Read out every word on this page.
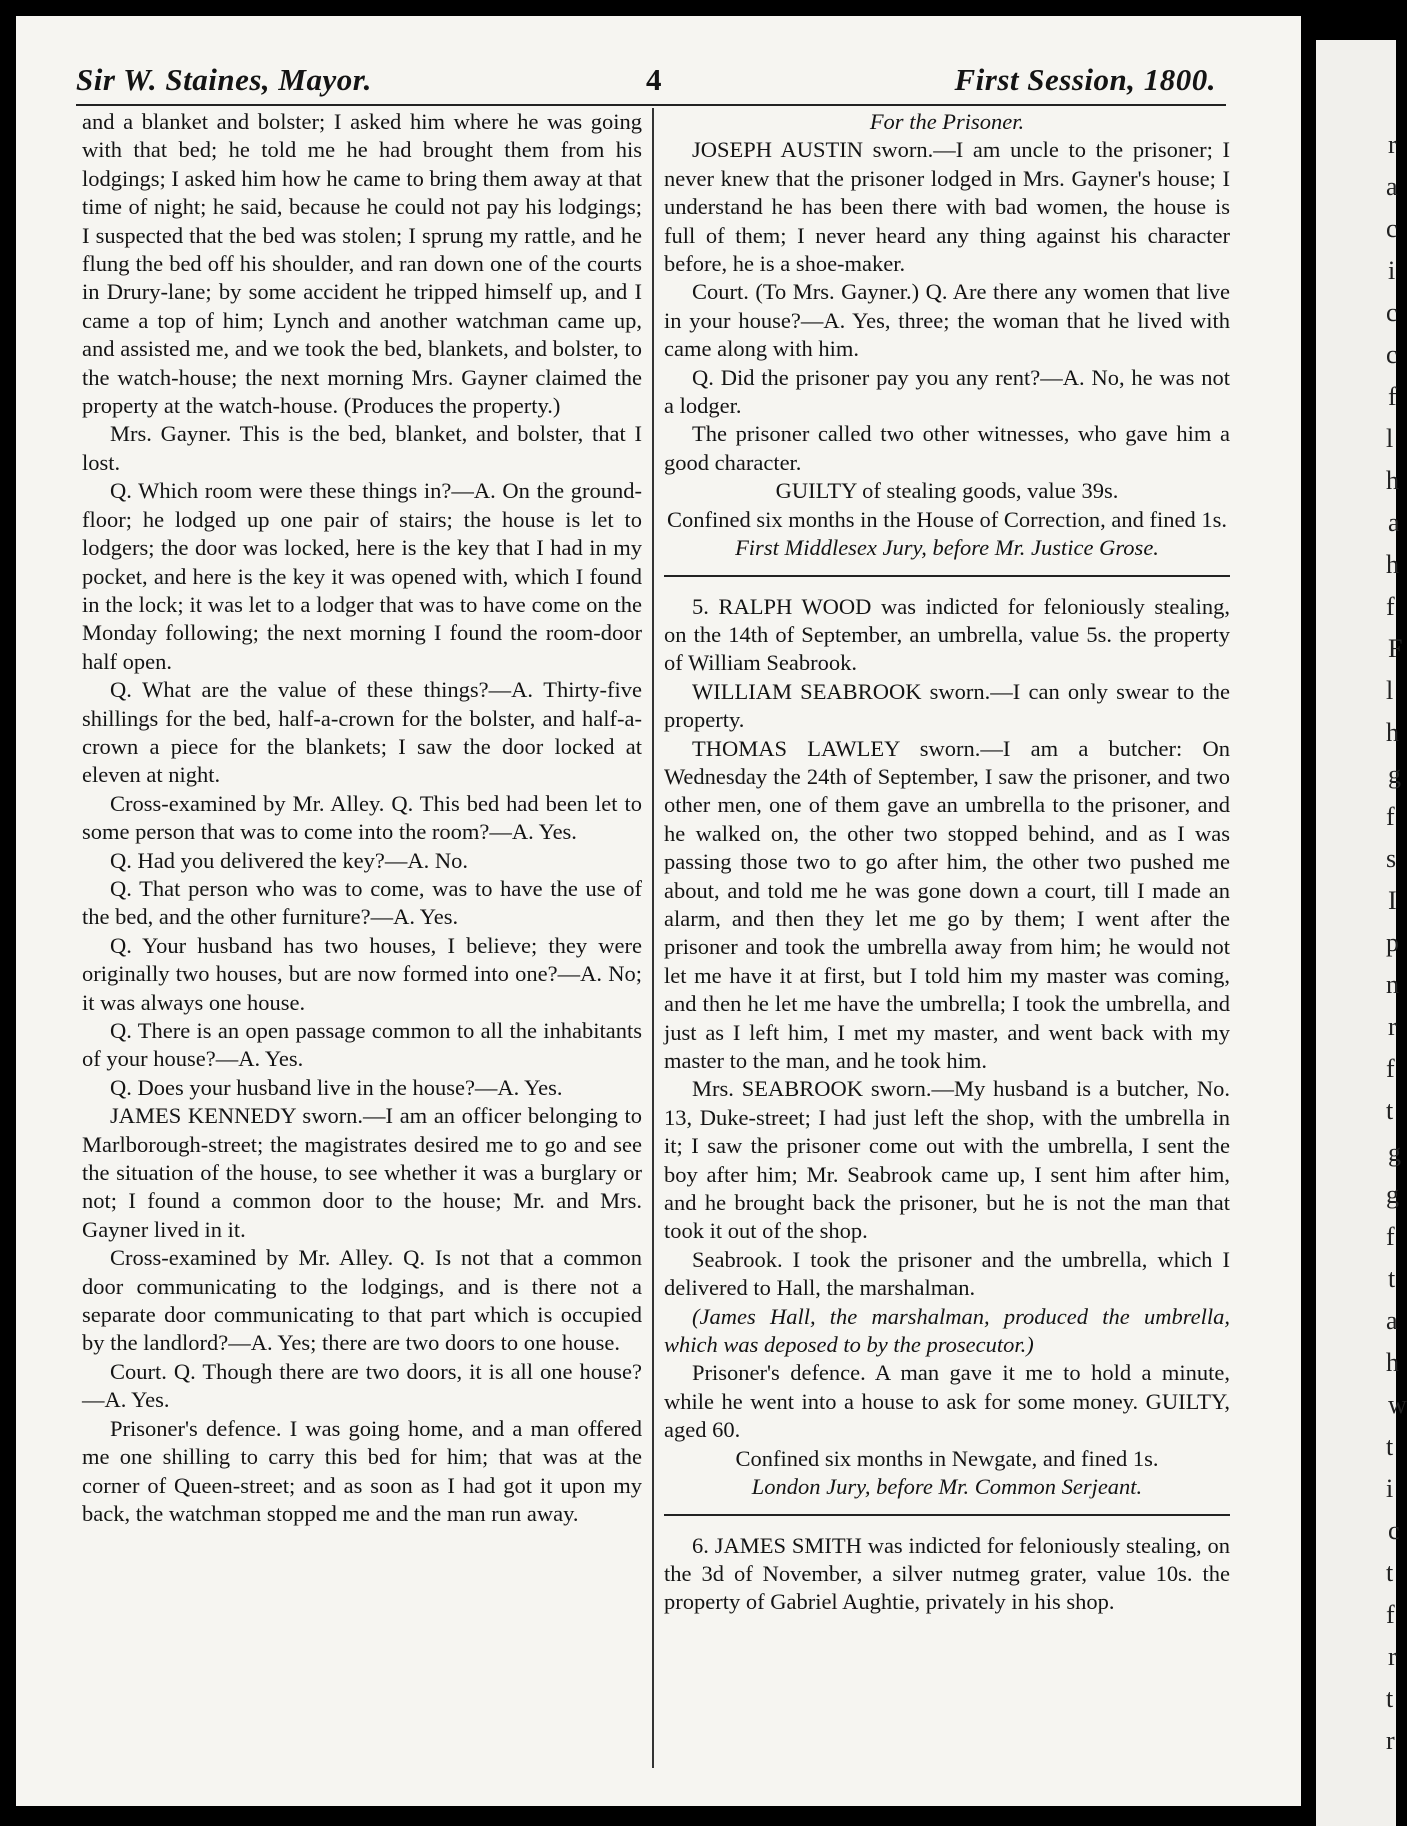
r
a
c
i
c
c
f
l
h
a
h
f
F
l
h
g
f
s
I
p
n
r
f
t
g
g
f
t
a
h
w
t
i
c
t
f
r
t
r
Sir W. Staines, Mayor.	4	First Session, 1800.

and a blanket and bolster; I asked him where he was going with that bed; he told me he had brought them from his lodgings; I asked him how he came to bring them away at that time of night; he said, because he could not pay his lodgings; I suspected that the bed was stolen; I sprung my rattle, and he flung the bed off his shoulder, and ran down one of the courts in Drury-lane; by some accident he tripped himself up, and I came a top of him; Lynch and another watchman came up, and assisted me, and we took the bed, blankets, and bolster, to the watch-house; the next morning Mrs. Gayner claimed the property at the watch-house. (Produces the property.)

Mrs. Gayner. This is the bed, blanket, and bolster, that I lost.

Q. Which room were these things in?—A. On the ground-floor; he lodged up one pair of stairs; the house is let to lodgers; the door was locked, here is the key that I had in my pocket, and here is the key it was opened with, which I found in the lock; it was let to a lodger that was to have come on the Monday following; the next morning I found the room-door half open.

Q. What are the value of these things?—A. Thirty-five shillings for the bed, half-a-crown for the bolster, and half-a-crown a piece for the blankets; I saw the door locked at eleven at night.

Cross-examined by Mr. Alley. Q. This bed had been let to some person that was to come into the room?—A. Yes.

Q. Had you delivered the key?—A. No.

Q. That person who was to come, was to have the use of the bed, and the other furniture?—A. Yes.

Q. Your husband has two houses, I believe; they were originally two houses, but are now formed into one?—A. No; it was always one house.

Q. There is an open passage common to all the inhabitants of your house?—A. Yes.

Q. Does your husband live in the house?—A. Yes.

JAMES KENNEDY sworn.—I am an officer belonging to Marlborough-street; the magistrates desired me to go and see the situation of the house, to see whether it was a burglary or not; I found a common door to the house; Mr. and Mrs. Gayner lived in it.

Cross-examined by Mr. Alley. Q. Is not that a common door communicating to the lodgings, and is there not a separate door communicating to that part which is occupied by the landlord?—A. Yes; there are two doors to one house.

Court. Q. Though there are two doors, it is all one house?—A. Yes.

Prisoner's defence. I was going home, and a man offered me one shilling to carry this bed for him; that was at the corner of Queen-street; and as soon as I had got it upon my back, the watchman stopped me and the man run away.

For the Prisoner.

JOSEPH AUSTIN sworn.—I am uncle to the prisoner; I never knew that the prisoner lodged in Mrs. Gayner's house; I understand he has been there with bad women, the house is full of them; I never heard any thing against his character before, he is a shoe-maker.

Court. (To Mrs. Gayner.) Q. Are there any women that live in your house?—A. Yes, three; the woman that he lived with came along with him.

Q. Did the prisoner pay you any rent?—A. No, he was not a lodger.

The prisoner called two other witnesses, who gave him a good character.

GUILTY of stealing goods, value 39s.

Confined six months in the House of Correction, and fined 1s.

First Middlesex Jury, before Mr. Justice Grose.

5. RALPH WOOD was indicted for feloniously stealing, on the 14th of September, an umbrella, value 5s. the property of William Seabrook.

WILLIAM SEABROOK sworn.—I can only swear to the property.

THOMAS LAWLEY sworn.—I am a butcher: On Wednesday the 24th of September, I saw the prisoner, and two other men, one of them gave an umbrella to the prisoner, and he walked on, the other two stopped behind, and as I was passing those two to go after him, the other two pushed me about, and told me he was gone down a court, till I made an alarm, and then they let me go by them; I went after the prisoner and took the umbrella away from him; he would not let me have it at first, but I told him my master was coming, and then he let me have the umbrella; I took the umbrella, and just as I left him, I met my master, and went back with my master to the man, and he took him.

Mrs. SEABROOK sworn.—My husband is a butcher, No. 13, Duke-street; I had just left the shop, with the umbrella in it; I saw the prisoner come out with the umbrella, I sent the boy after him; Mr. Seabrook came up, I sent him after him, and he brought back the prisoner, but he is not the man that took it out of the shop.

Seabrook. I took the prisoner and the umbrella, which I delivered to Hall, the marshalman.

(James Hall, the marshalman, produced the umbrella, which was deposed to by the prosecutor.)

Prisoner's defence. A man gave it me to hold a minute, while he went into a house to ask for some money. GUILTY, aged 60.

Confined six months in Newgate, and fined 1s.

London Jury, before Mr. Common Serjeant.

6. JAMES SMITH was indicted for feloniously stealing, on the 3d of November, a silver nutmeg grater, value 10s. the property of Gabriel Aughtie, privately in his shop.
